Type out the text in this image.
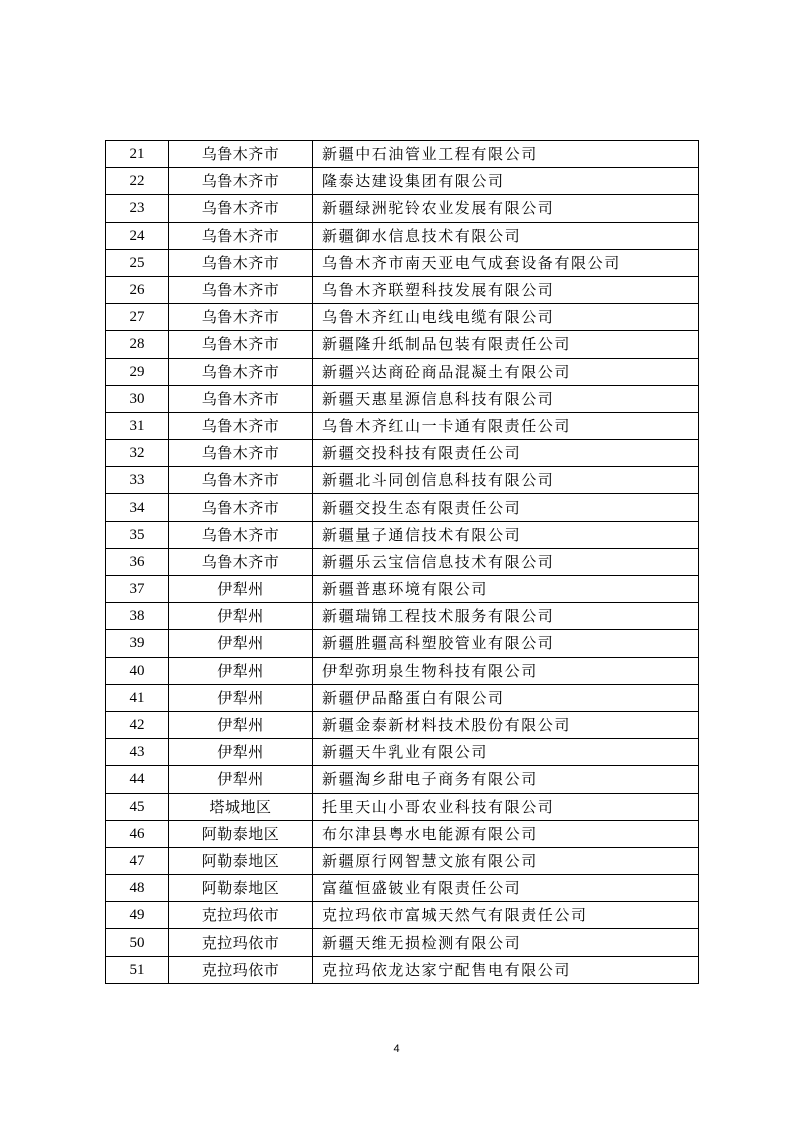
21	乌鲁木齐市	新疆中石油管业工程有限公司
22	乌鲁木齐市	隆泰达建设集团有限公司
23	乌鲁木齐市	新疆绿洲驼铃农业发展有限公司
24	乌鲁木齐市	新疆御水信息技术有限公司
25	乌鲁木齐市	乌鲁木齐市南天亚电气成套设备有限公司
26	乌鲁木齐市	乌鲁木齐联塑科技发展有限公司
27	乌鲁木齐市	乌鲁木齐红山电线电缆有限公司
28	乌鲁木齐市	新疆隆升纸制品包装有限责任公司
29	乌鲁木齐市	新疆兴达商砼商品混凝土有限公司
30	乌鲁木齐市	新疆天惠星源信息科技有限公司
31	乌鲁木齐市	乌鲁木齐红山一卡通有限责任公司
32	乌鲁木齐市	新疆交投科技有限责任公司
33	乌鲁木齐市	新疆北斗同创信息科技有限公司
34	乌鲁木齐市	新疆交投生态有限责任公司
35	乌鲁木齐市	新疆量子通信技术有限公司
36	乌鲁木齐市	新疆乐云宝信信息技术有限公司
37	伊犁州	新疆普惠环境有限公司
38	伊犁州	新疆瑞锦工程技术服务有限公司
39	伊犁州	新疆胜疆高科塑胶管业有限公司
40	伊犁州	伊犁弥玥泉生物科技有限公司
41	伊犁州	新疆伊品酪蛋白有限公司
42	伊犁州	新疆金泰新材料技术股份有限公司
43	伊犁州	新疆天牛乳业有限公司
44	伊犁州	新疆淘乡甜电子商务有限公司
45	塔城地区	托里天山小哥农业科技有限公司
46	阿勒泰地区	布尔津县粤水电能源有限公司
47	阿勒泰地区	新疆原行网智慧文旅有限公司
48	阿勒泰地区	富蕴恒盛铍业有限责任公司
49	克拉玛依市	克拉玛依市富城天然气有限责任公司
50	克拉玛依市	新疆天维无损检测有限公司
51	克拉玛依市	克拉玛依龙达家宁配售电有限公司
4
